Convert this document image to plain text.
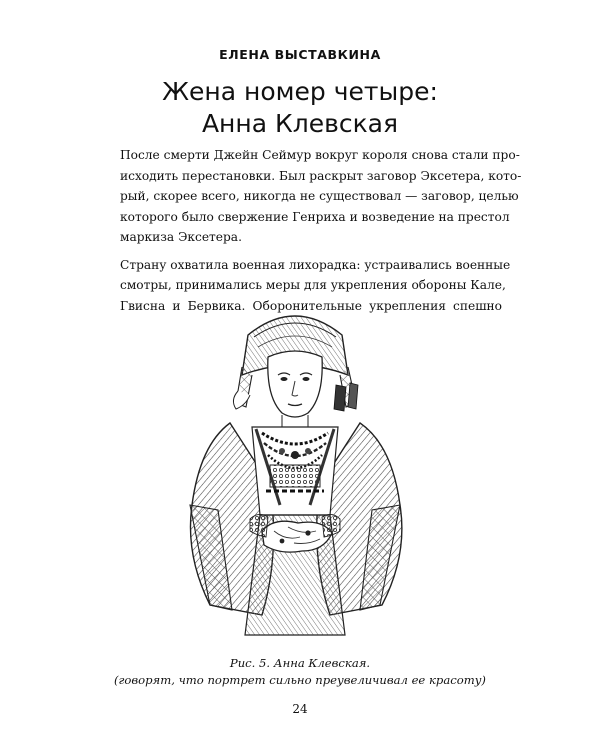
ЕЛЕНА ВЫСТАВКИНА
Жена номер четыре:
Анна Клевская

После смерти Джейн Сеймур вокруг короля снова стали про-
исходить перестановки. Был раскрыт заговор Эксетера, кото-
рый, скорее всего, никогда не существовал — заговор, целью
которого было свержение Генриха и возведение на престол
маркиза Эксетера.

Страну охватила военная лихорадка: устраивались военные
смотры, принимались меры для укрепления обороны Кале,
Гвисна и Бервика. Оборонительные укрепления спешно

Рис. 5. Анна Клевская.
(говорят, что портрет сильно преувеличивал ее красоту)
24
